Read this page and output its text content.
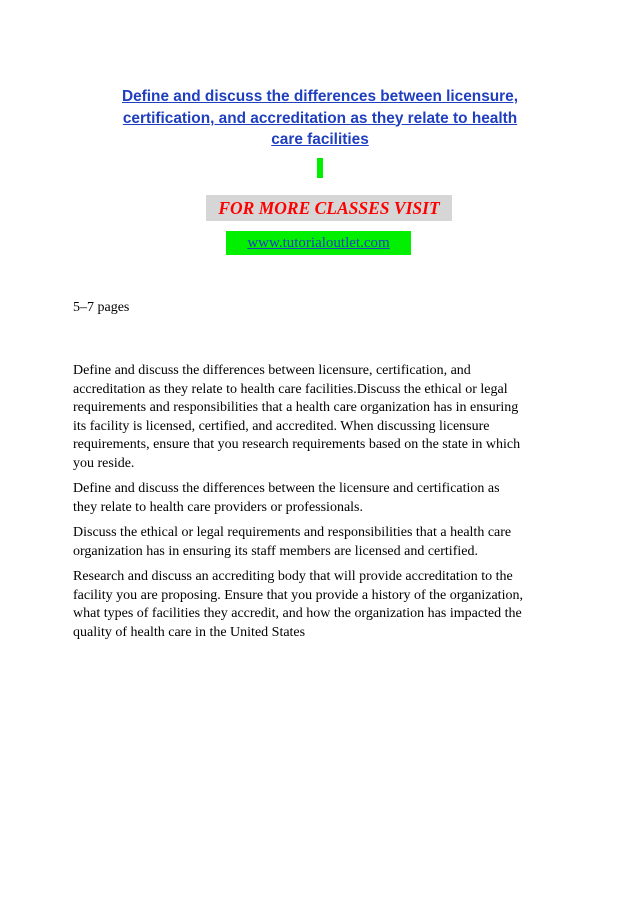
Define and discuss the differences between licensure,
certification, and accreditation as they relate to health
care facilities
FOR MORE CLASSES VISIT
www.tutorialoutlet.com
5–7 pages

Define and discuss the differences between licensure, certification, and
accreditation as they relate to health care facilities.Discuss the ethical or legal
requirements and responsibilities that a health care organization has in ensuring
its facility is licensed, certified, and accredited. When discussing licensure
requirements, ensure that you research requirements based on the state in which
you reside.

Define and discuss the differences between the licensure and certification as
they relate to health care providers or professionals.

Discuss the ethical or legal requirements and responsibilities that a health care
organization has in ensuring its staff members are licensed and certified.

Research and discuss an accrediting body that will provide accreditation to the
facility you are proposing. Ensure that you provide a history of the organization,
what types of facilities they accredit, and how the organization has impacted the
quality of health care in the United States
